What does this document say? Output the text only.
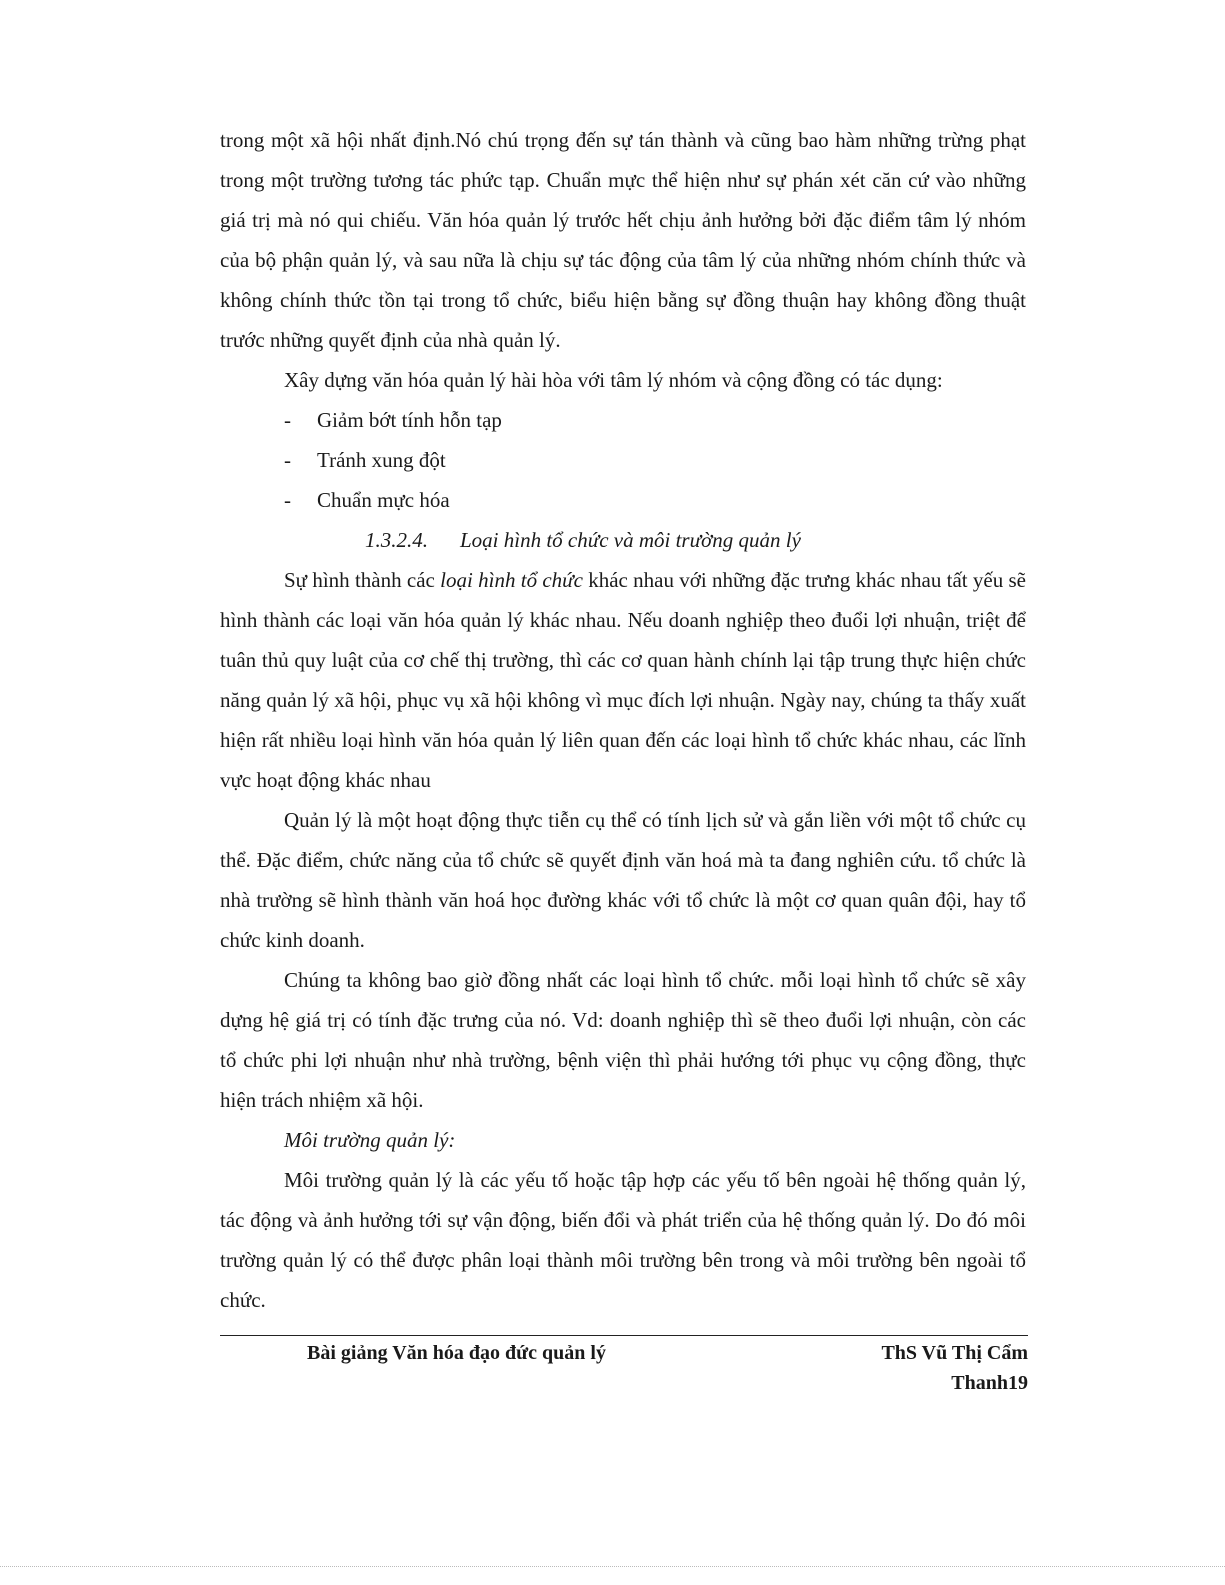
trong một xã hội nhất định.Nó chú trọng đến sự tán thành và cũng bao hàm những trừng phạt trong một trường tương tác phức tạp. Chuẩn mực thể hiện như sự phán xét căn cứ vào những giá trị mà nó qui chiếu. Văn hóa quản lý trước hết chịu ảnh hưởng bởi đặc điểm tâm lý nhóm của bộ phận quản lý, và sau nữa là chịu sự tác động của tâm lý của những nhóm chính thức và không chính thức tồn tại trong tổ chức, biểu hiện bằng sự đồng thuận hay không đồng thuật trước những quyết định của nhà quản lý.

Xây dựng văn hóa quản lý hài hòa với tâm lý nhóm và cộng đồng có tác dụng:

- Giảm bớt tính hỗn tạp
- Tránh xung đột
- Chuẩn mực hóa

1.3.2.4. Loại hình tổ chức và môi trường quản lý

Sự hình thành các loại hình tổ chức khác nhau với những đặc trưng khác nhau tất yếu sẽ hình thành các loại văn hóa quản lý khác nhau. Nếu doanh nghiệp theo đuổi lợi nhuận, triệt để tuân thủ quy luật của cơ chế thị trường, thì các cơ quan hành chính lại tập trung thực hiện chức năng quản lý xã hội, phục vụ xã hội không vì mục đích lợi nhuận. Ngày nay, chúng ta thấy xuất hiện rất nhiều loại hình văn hóa quản lý liên quan đến các loại hình tổ chức khác nhau, các lĩnh vực hoạt động khác nhau

Quản lý là một hoạt động thực tiễn cụ thể có tính lịch sử và gắn liền với một tổ chức cụ thể. Đặc điểm, chức năng của tổ chức sẽ quyết định văn hoá mà ta đang nghiên cứu. tổ chức là nhà trường sẽ hình thành văn hoá học đường khác với tổ chức là một cơ quan quân đội, hay tổ chức kinh doanh.

Chúng ta không bao giờ đồng nhất các loại hình tổ chức. mỗi loại hình tổ chức sẽ xây dựng hệ giá trị có tính đặc trưng của nó. Vd: doanh nghiệp thì sẽ theo đuổi lợi nhuận, còn các tổ chức phi lợi nhuận như nhà trường, bệnh viện thì phải hướng tới phục vụ cộng đồng, thực hiện trách nhiệm xã hội.

Môi trường quản lý:

Môi trường quản lý là các yếu tố hoặc tập hợp các yếu tố bên ngoài hệ thống quản lý, tác động và ảnh hưởng tới sự vận động, biến đổi và phát triển của hệ thống quản lý. Do đó môi trường quản lý có thể được phân loại thành môi trường bên trong và môi trường bên ngoài tổ chức.

Bài giảng Văn hóa đạo đức quản lý	ThS Vũ Thị Cẩm
Thanh19
